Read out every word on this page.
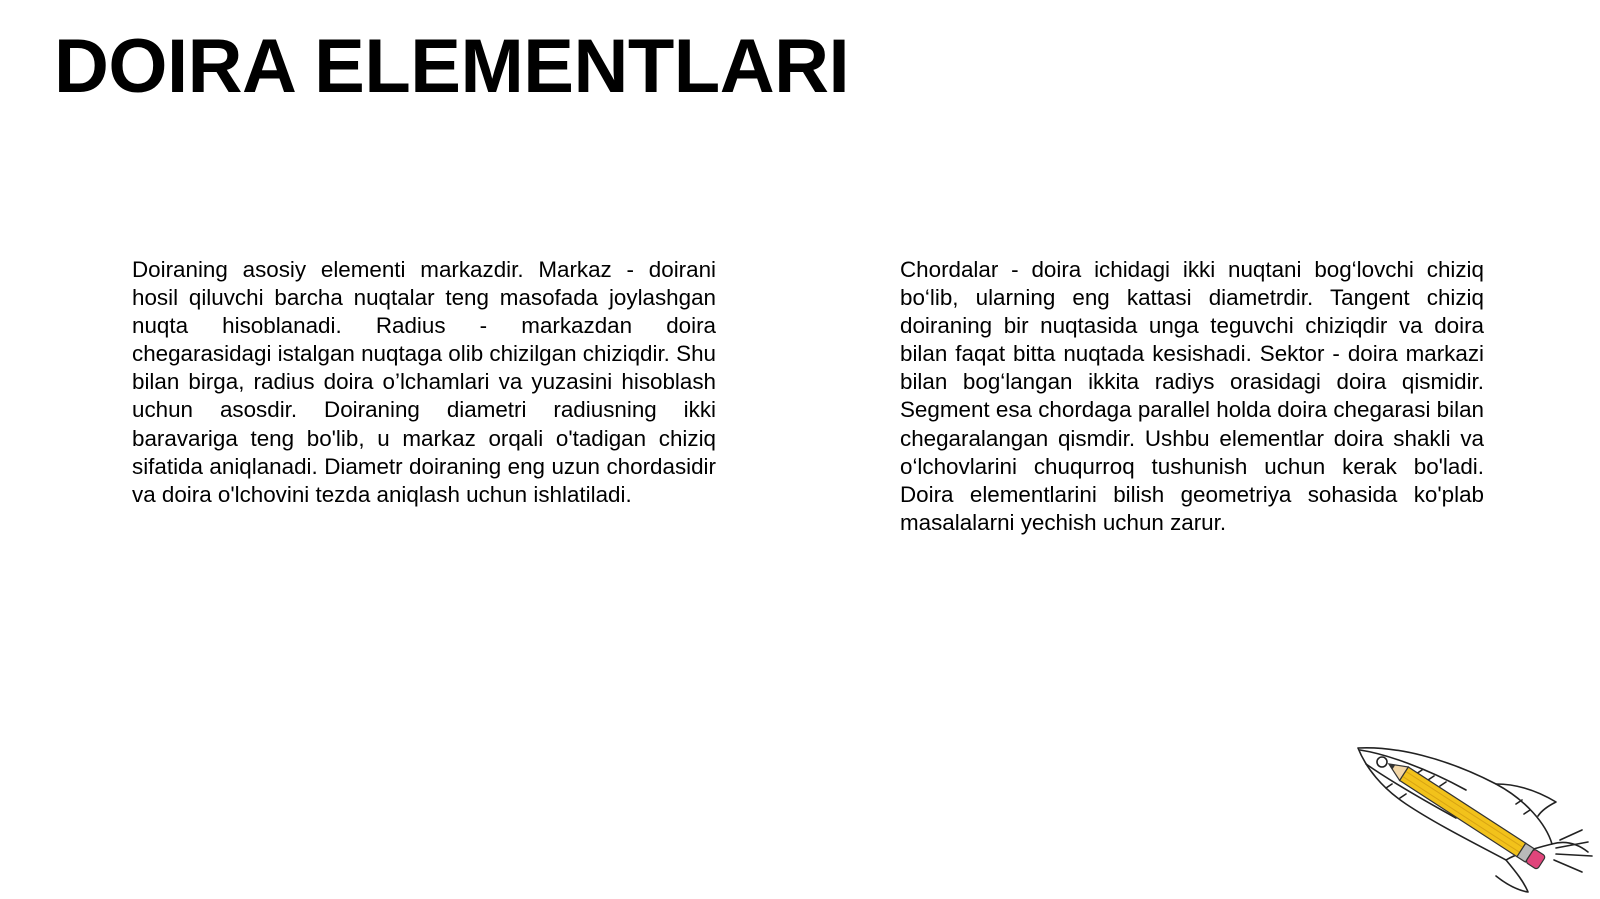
DOIRA ELEMENTLARI

Doiraning asosiy elementi markazdir. Markaz - doirani hosil qiluvchi barcha nuqtalar teng masofada joylashgan nuqta hisoblanadi. Radius - markazdan doira chegarasidagi istalgan nuqtaga olib chizilgan chiziqdir. Shu bilan birga, radius doira o’lchamlari va yuzasini hisoblash uchun asosdir. Doiraning diametri radiusning ikki baravariga teng bo'lib, u markaz orqali o'tadigan chiziq sifatida aniqlanadi. Diametr doiraning eng uzun chordasidir va doira o'lchovini tezda aniqlash uchun ishlatiladi.

Chordalar - doira ichidagi ikki nuqtani bog‘lovchi chiziq bo‘lib, ularning eng kattasi diametrdir. Tangent chiziq doiraning bir nuqtasida unga teguvchi chiziqdir va doira bilan faqat bitta nuqtada kesishadi. Sektor - doira markazi bilan bog‘langan ikkita radiys orasidagi doira qismidir. Segment esa chordaga parallel holda doira chegarasi bilan chegaralangan qismdir. Ushbu elementlar doira shakli va o‘lchovlarini chuqurroq tushunish uchun kerak bo'ladi. Doira elementlarini bilish geometriya sohasida ko'plab masalalarni yechish uchun zarur.
